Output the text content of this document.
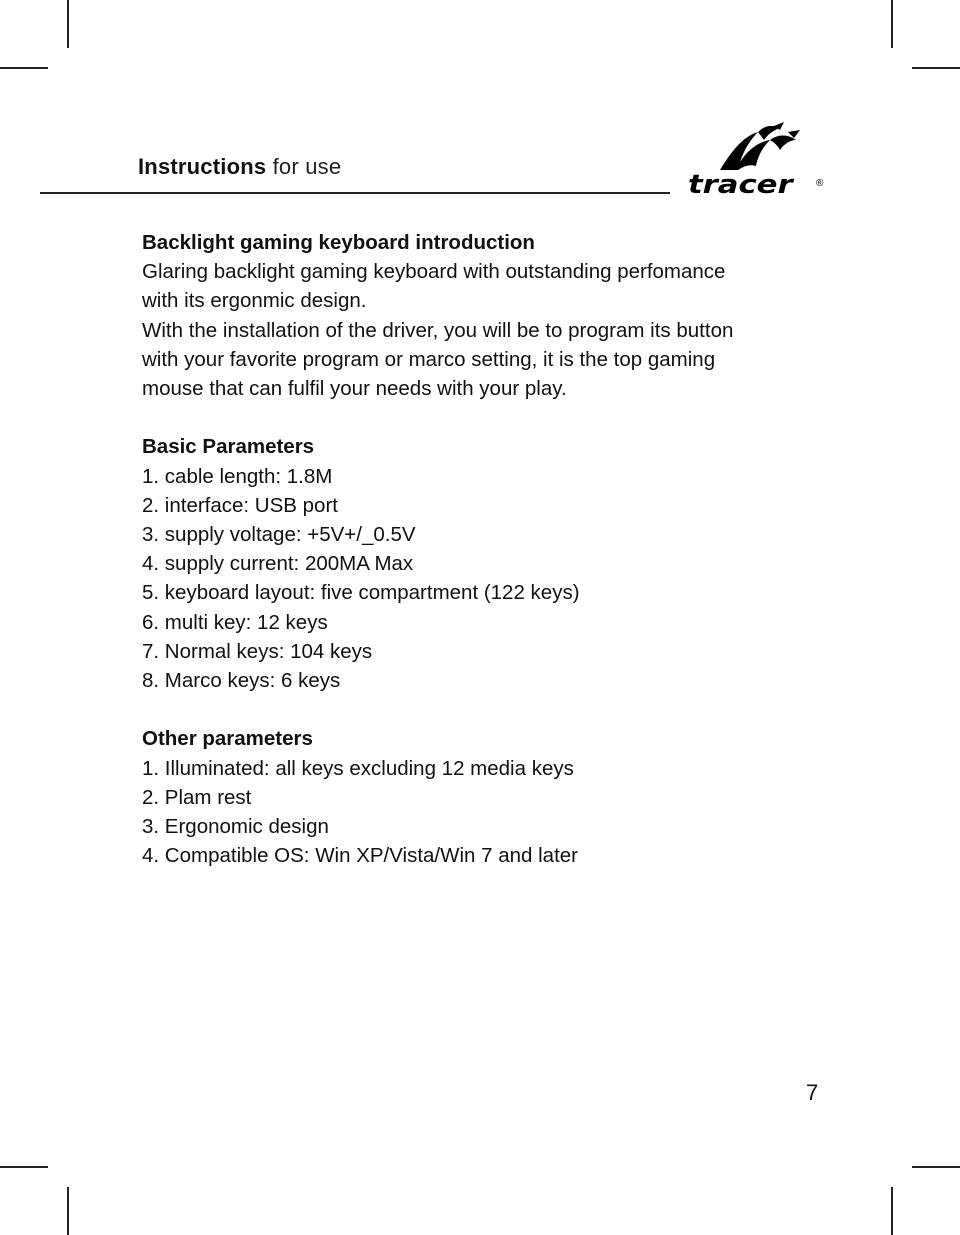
Instructions for use
tracer ®
Backlight gaming keyboard introduction

Glaring backlight gaming keyboard with outstanding perfomance

with its ergonmic design.

With the installation of the driver, you will be to program its button

with your favorite program or marco setting, it is the top gaming

mouse that can fulfil your needs with your play.

Basic Parameters
1. cable length: 1.8M
2. interface: USB port
3. supply voltage: +5V+/_0.5V
4. supply current: 200MA Max
5. keyboard layout: five compartment (122 keys)
6. multi key: 12 keys
7. Normal keys: 104 keys
8. Marco keys: 6 keys
Other parameters
1. Illuminated: all keys excluding 12 media keys
2. Plam rest
3. Ergonomic design
4. Compatible OS: Win XP/Vista/Win 7 and later
7
